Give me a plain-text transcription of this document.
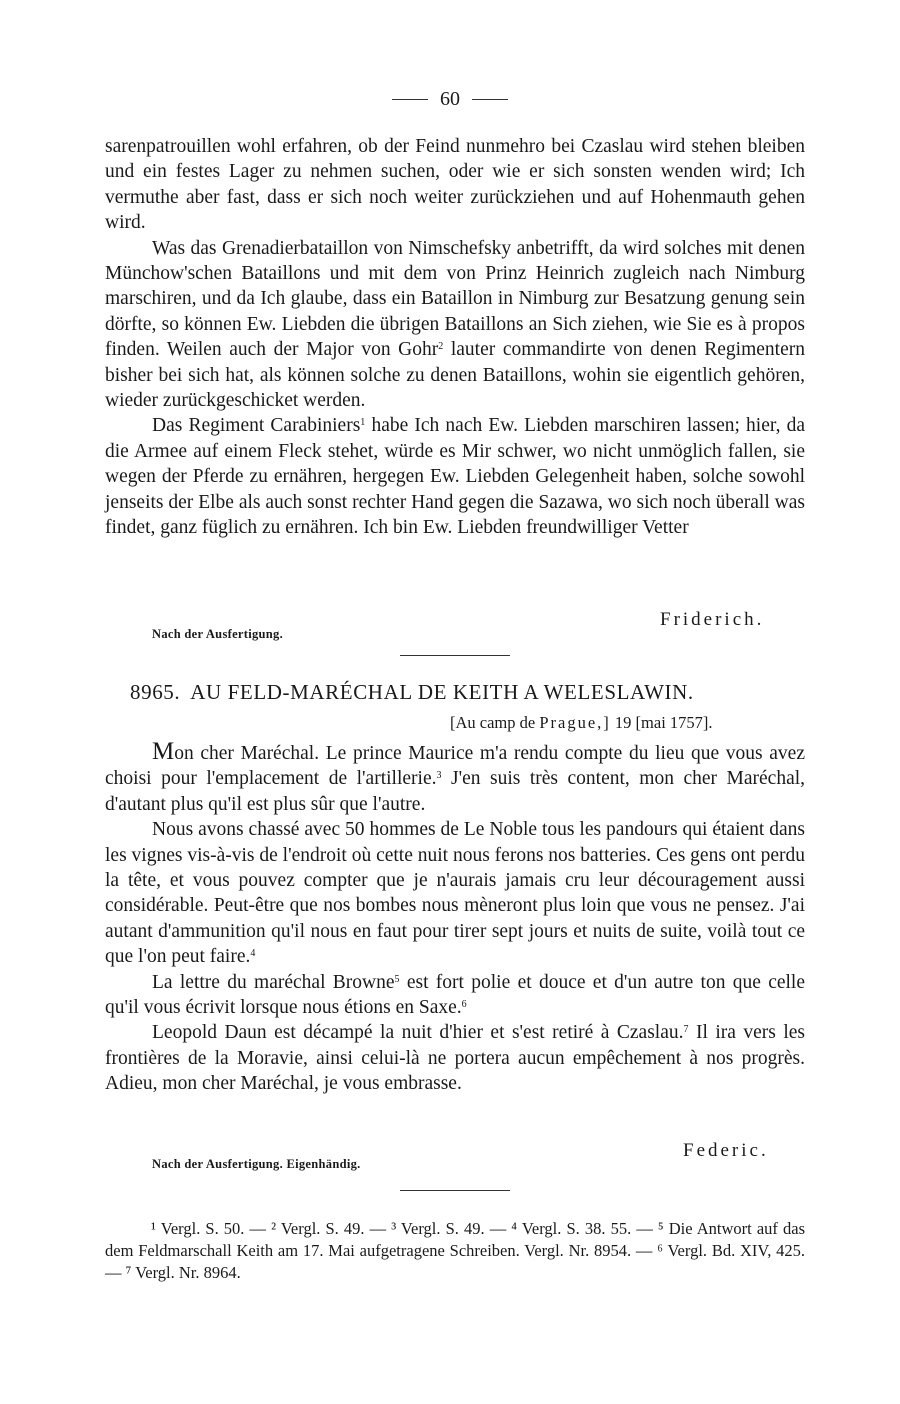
60

sarenpatrouillen wohl erfahren, ob der Feind nunmehro bei Czaslau wird stehen bleiben und ein festes Lager zu nehmen suchen, oder wie er sich sonsten wenden wird; Ich vermuthe aber fast, dass er sich noch weiter zurückziehen und auf Hohenmauth gehen wird.

Was das Grenadierbataillon von Nimschefsky anbetrifft, da wird solches mit denen Münchow'schen Bataillons und mit dem von Prinz Heinrich zugleich nach Nimburg marschiren, und da Ich glaube, dass ein Bataillon in Nimburg zur Besatzung genung sein dörfte, so können Ew. Liebden die übrigen Bataillons an Sich ziehen, wie Sie es à propos finden. Weilen auch der Major von Gohr$^2$ lauter commandirte von denen Regimentern bisher bei sich hat, als können solche zu denen Bataillons, wohin sie eigentlich gehören, wieder zurückgeschicket werden.

Das Regiment Carabiniers$^1$ habe Ich nach Ew. Liebden marschiren lassen; hier, da die Armee auf einem Fleck stehet, würde es Mir schwer, wo nicht unmöglich fallen, sie wegen der Pferde zu ernähren, hergegen Ew. Liebden Gelegenheit haben, solche sowohl jenseits der Elbe als auch sonst rechter Hand gegen die Sazawa, wo sich noch überall was findet, ganz füglich zu ernähren. Ich bin Ew. Liebden freundwilliger Vetter

Friderich.
Nach der Ausfertigung.
8965. AU FELD-MARÉCHAL DE KEITH A WELESLAWIN.
[Au camp de Prague,] 19 [mai 1757].

Mon cher Maréchal. Le prince Maurice m'a rendu compte du lieu que vous avez choisi pour l'emplacement de l'artillerie.$^3$ J'en suis très content, mon cher Maréchal, d'autant plus qu'il est plus sûr que l'autre.

Nous avons chassé avec 50 hommes de Le Noble tous les pandours qui étaient dans les vignes vis-à-vis de l'endroit où cette nuit nous ferons nos batteries. Ces gens ont perdu la tête, et vous pouvez compter que je n'aurais jamais cru leur découragement aussi considérable. Peut-être que nos bombes nous mèneront plus loin que vous ne pensez. J'ai autant d'ammunition qu'il nous en faut pour tirer sept jours et nuits de suite, voilà tout ce que l'on peut faire.$^4$

La lettre du maréchal Browne$^5$ est fort polie et douce et d'un autre ton que celle qu'il vous écrivit lorsque nous étions en Saxe.$^6$

Leopold Daun est décampé la nuit d'hier et s'est retiré à Czaslau.$^7$ Il ira vers les frontières de la Moravie, ainsi celui-là ne portera aucun empêchement à nos progrès. Adieu, mon cher Maréchal, je vous embrasse.

Federic.
Nach der Ausfertigung. Eigenhändig.

¹ Vergl. S. 50. — ² Vergl. S. 49. — ³ Vergl. S. 49. — ⁴ Vergl. S. 38. 55. — ⁵ Die Antwort auf das dem Feldmarschall Keith am 17. Mai aufgetragene Schreiben. Vergl. Nr. 8954. — ⁶ Vergl. Bd. XIV, 425. — ⁷ Vergl. Nr. 8964.
